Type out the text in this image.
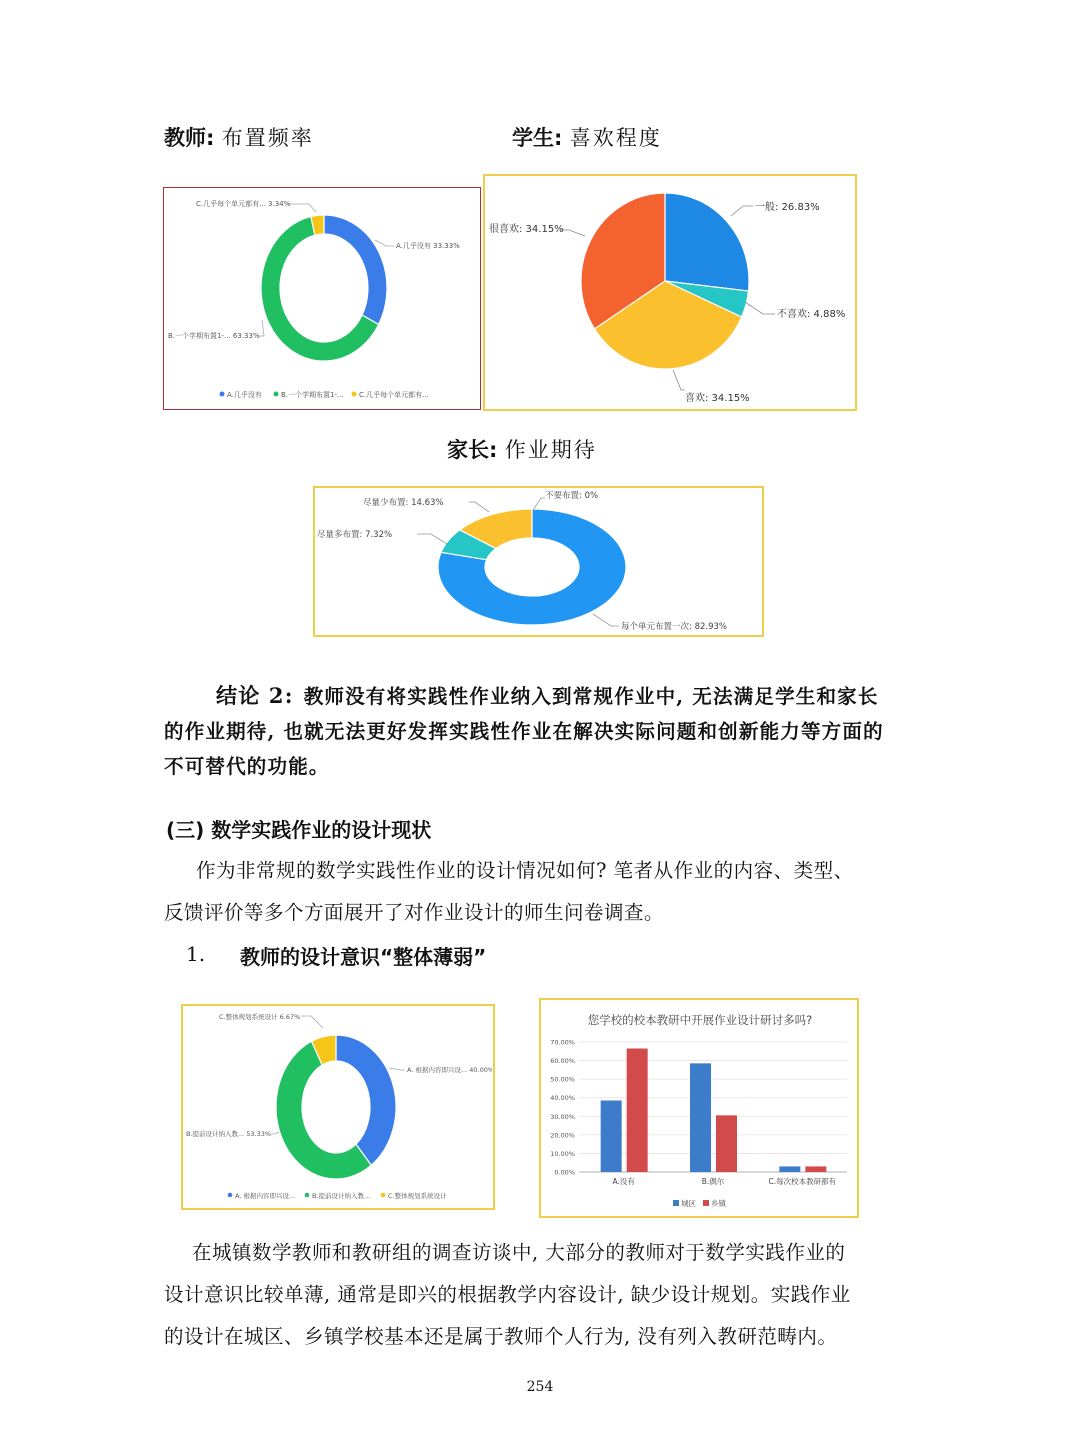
教师: 布置频率	学生: 喜欢程度
C.几乎每个单元都有... 3.34%
A.几乎没有 33.33%
B.一个学期布置1-... 63.33%
A.几乎没有	B.一个学期布置1-... C.几乎每个单元都有...
一般: 26.83%
不喜欢: 4.88%
喜欢: 34.15%
很喜欢: 34.15%
家长: 作业期待
不要布置: 0%
尽量少布置: 14.63%
尽量多布置: 7.32%
每个单元布置一次: 82.93%
结论 2: 教师没有将实践性作业纳入到常规作业中, 无法满足学生和家长
的作业期待, 也就无法更好发挥实践性作业在解决实际问题和创新能力等方面的
不可替代的功能。
(三) 数学实践作业的设计现状
作为非常规的数学实践性作业的设计情况如何? 笔者从作业的内容、类型、
反馈评价等多个方面展开了对作业设计的师生问卷调查。
1. 教师的设计意识“整体薄弱”
C.整体规划系统设计 6.67%
A. 根据内容即兴设... 40.00%
B.提前设计纳入教... 53.33%
A. 根据内容即兴设...	B.提前设计纳入教...	C.整体规划系统设计
您学校的校本教研中开展作业设计研讨多吗?
0.00%
10.00%
20.00%
30.00%
40.00%
50.00%
60.00%
70.00%
A.没有	B.偶尔	C.每次校本教研都有
城区 乡镇
在城镇数学教师和教研组的调查访谈中, 大部分的教师对于数学实践作业的
设计意识比较单薄, 通常是即兴的根据教学内容设计, 缺少设计规划。实践作业
的设计在城区、乡镇学校基本还是属于教师个人行为, 没有列入教研范畴内。
254
